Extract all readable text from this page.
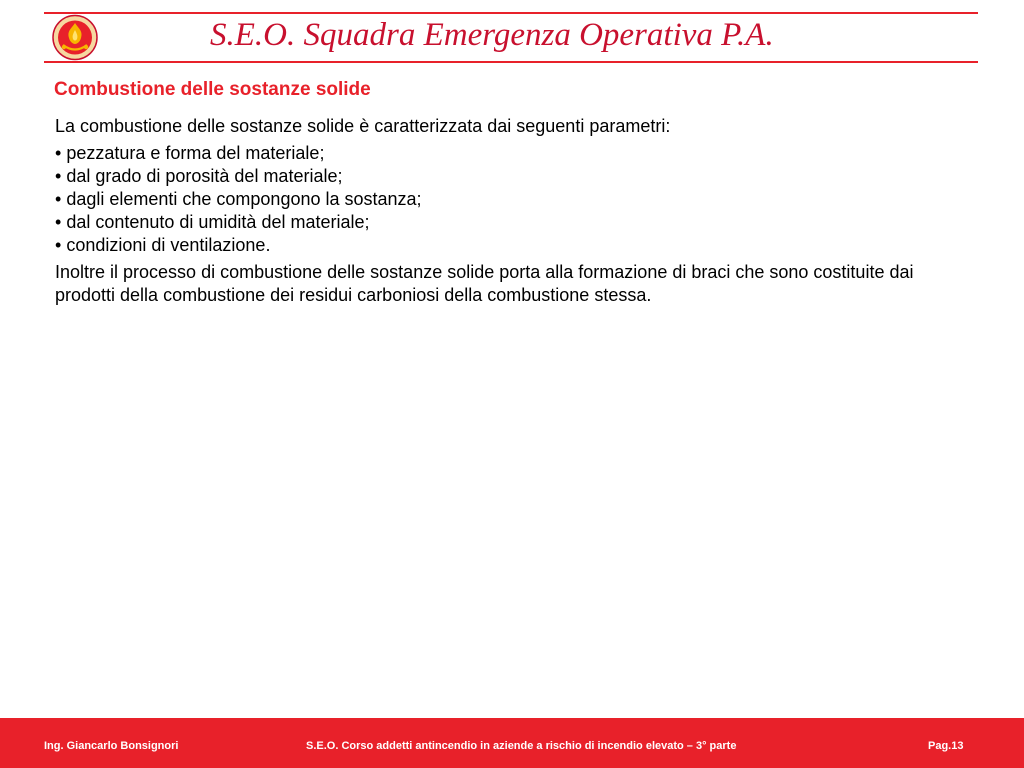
S.E.O. Squadra Emergenza Operativa P.A.
Combustione delle sostanze solide

La combustione delle sostanze solide è caratterizzata dai seguenti parametri:

• pezzatura e forma del materiale;
• dal grado di porosità del materiale;
• dagli elementi che compongono la sostanza;
• dal contenuto di umidità del materiale;
• condizioni di ventilazione.

Inoltre il processo di combustione delle sostanze solide porta alla formazione di braci che sono costituite dai prodotti della combustione dei residui carboniosi della combustione stessa.

Ing. Giancarlo Bonsignori	S.E.O. Corso addetti antincendio in aziende a rischio di incendio elevato – 3° parte	Pag.13
